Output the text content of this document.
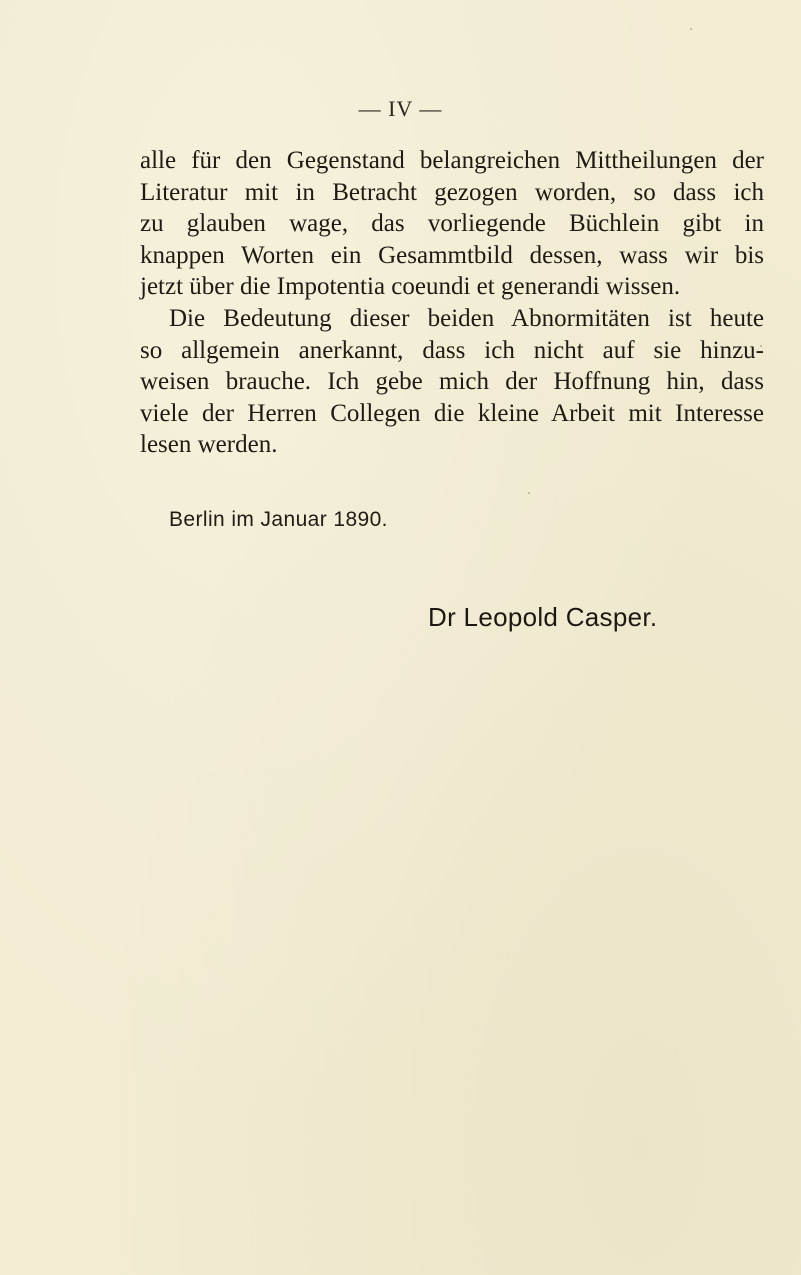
— IV —
alle für den Gegenstand belangreichen Mittheilungen der
Literatur mit in Betracht gezogen worden, so dass ich
zu glauben wage, das vorliegende Büchlein gibt in
knappen Worten ein Gesammtbild dessen, wass wir bis
jetzt über die Impotentia coeundi et generandi wissen.
Die Bedeutung dieser beiden Abnormitäten ist heute
so allgemein anerkannt, dass ich nicht auf sie hinzu-
weisen brauche. Ich gebe mich der Hoffnung hin, dass
viele der Herren Collegen die kleine Arbeit mit Interesse
lesen werden.
Berlin im Januar 1890.
Dr Leopold Casper.
